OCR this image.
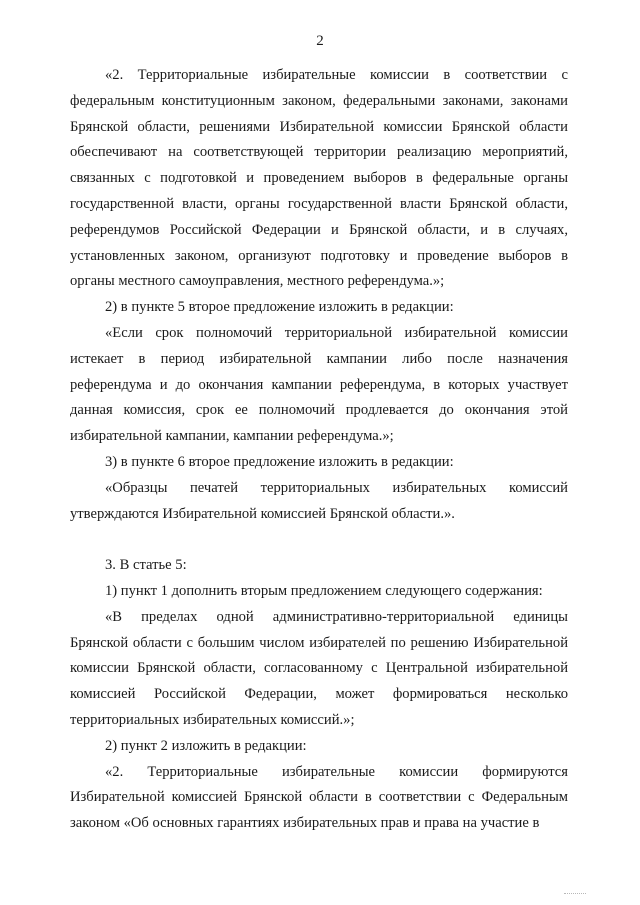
2

«2. Территориальные избирательные комиссии в соответствии с федеральным конституционным законом, федеральными законами, законами Брянской области, решениями Избирательной комиссии Брянской области обеспечивают на соответствующей территории реализацию мероприятий, связанных с подготовкой и проведением выборов в федеральные органы государственной власти, органы государственной власти Брянской области, референдумов Российской Федерации и Брянской области, и в случаях, установленных законом, организуют подготовку и проведение выборов в органы местного самоуправления, местного референдума.»;

2) в пункте 5 второе предложение изложить в редакции:

«Если срок полномочий территориальной избирательной комиссии истекает в период избирательной кампании либо после назначения референдума и до окончания кампании референдума, в которых участвует данная комиссия, срок ее полномочий продлевается до окончания этой избирательной кампании, кампании референдума.»;

3) в пункте 6 второе предложение изложить в редакции:

«Образцы печатей территориальных избирательных комиссий утверждаются Избирательной комиссией Брянской области.».

3. В статье 5:

1) пункт 1 дополнить вторым предложением следующего содержания:

«В пределах одной административно-территориальной единицы Брянской области с большим числом избирателей по решению Избирательной комиссии Брянской области, согласованному с Центральной избирательной комиссией Российской Федерации, может формироваться несколько территориальных избирательных комиссий.»;

2) пункт 2 изложить в редакции:

«2. Территориальные избирательные комиссии формируются Избирательной комиссией Брянской области в соответствии с Федеральным законом «Об основных гарантиях избирательных прав и права на участие в
